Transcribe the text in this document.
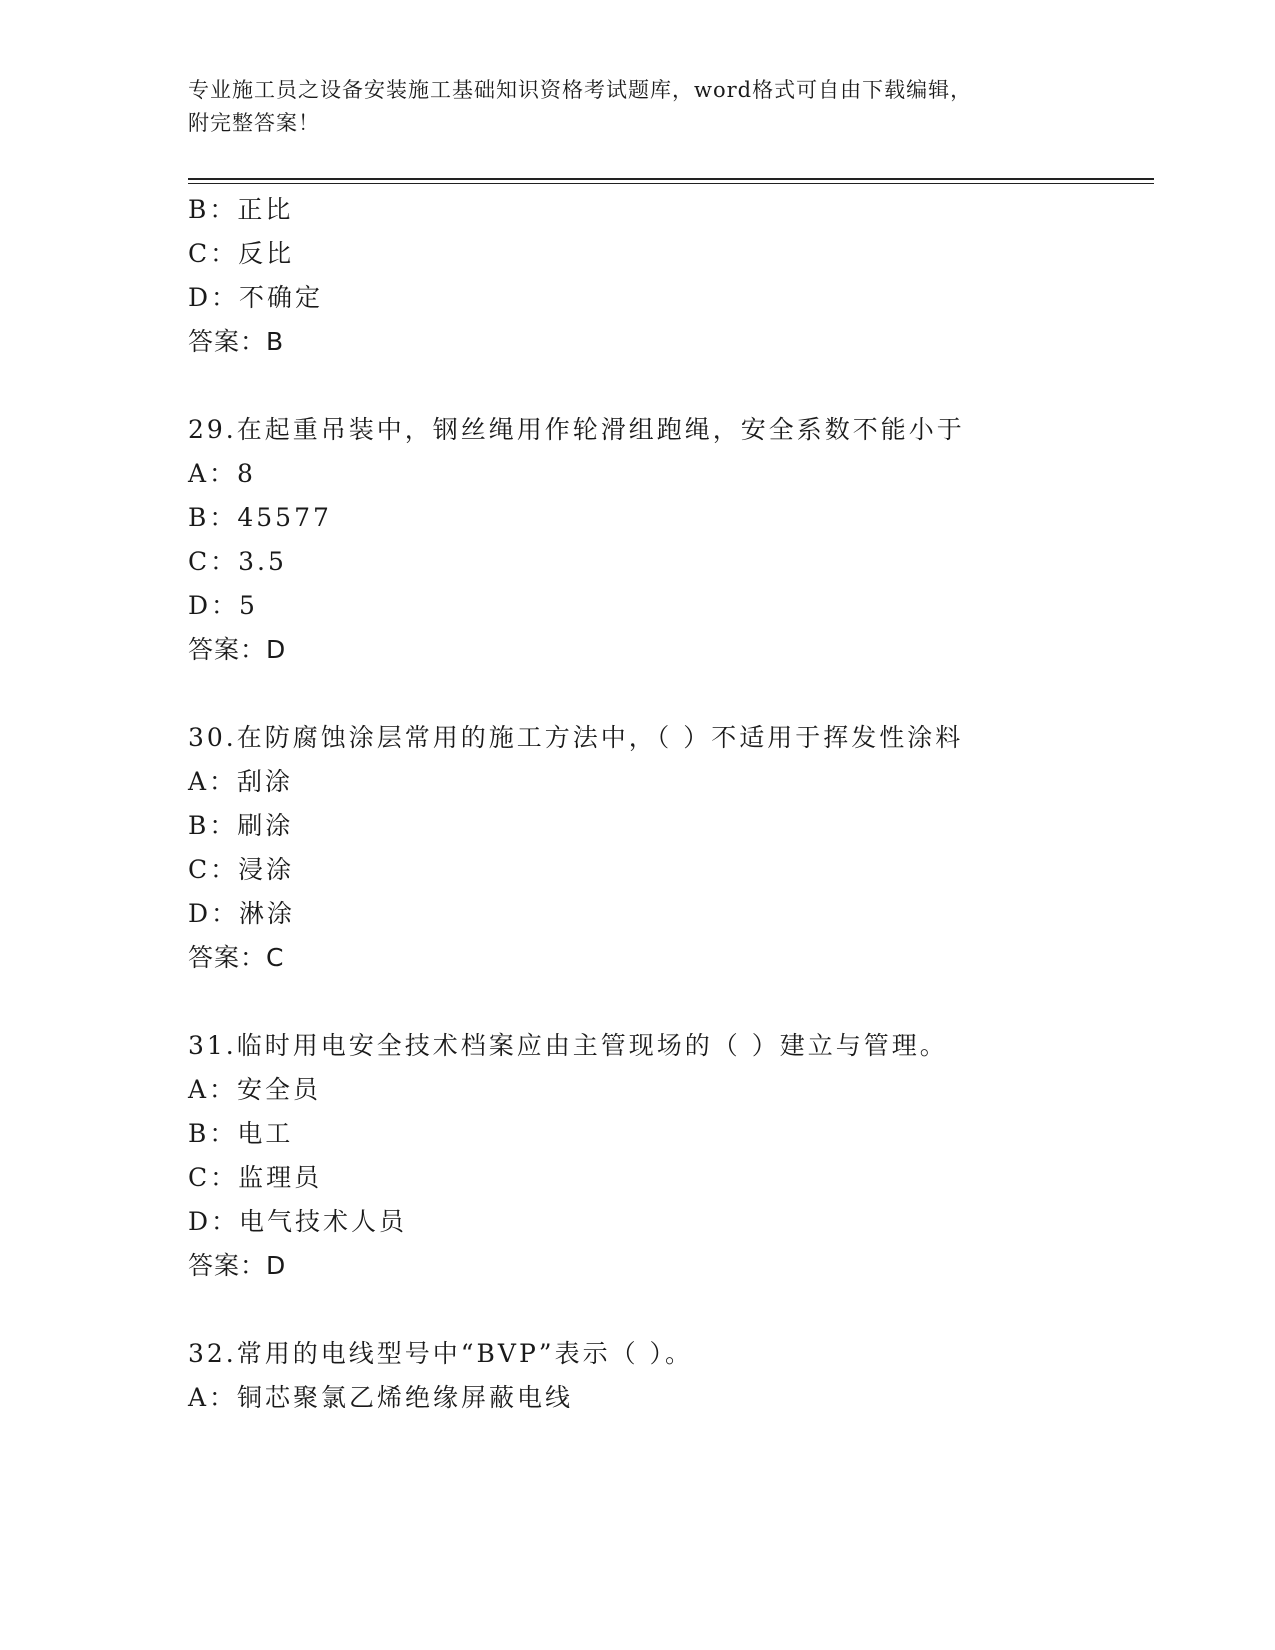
专业施工员之设备安装施工基础知识资格考试题库，word格式可自由下载编辑，
附完整答案！
B：正比
C：反比
D：不确定
答案：B
29.在起重吊装中，钢丝绳用作轮滑组跑绳，安全系数不能小于
A：8
B：45577
C：3.5
D：5
答案：D
30.在防腐蚀涂层常用的施工方法中，（ ）不适用于挥发性涂料
A：刮涂
B：刷涂
C：浸涂
D：淋涂
答案：C
31.临时用电安全技术档案应由主管现场的（ ）建立与管理。
A：安全员
B：电工
C：监理员
D：电气技术人员
答案：D
32.常用的电线型号中“BVP”表示（ ）。
A：铜芯聚氯乙烯绝缘屏蔽电线
